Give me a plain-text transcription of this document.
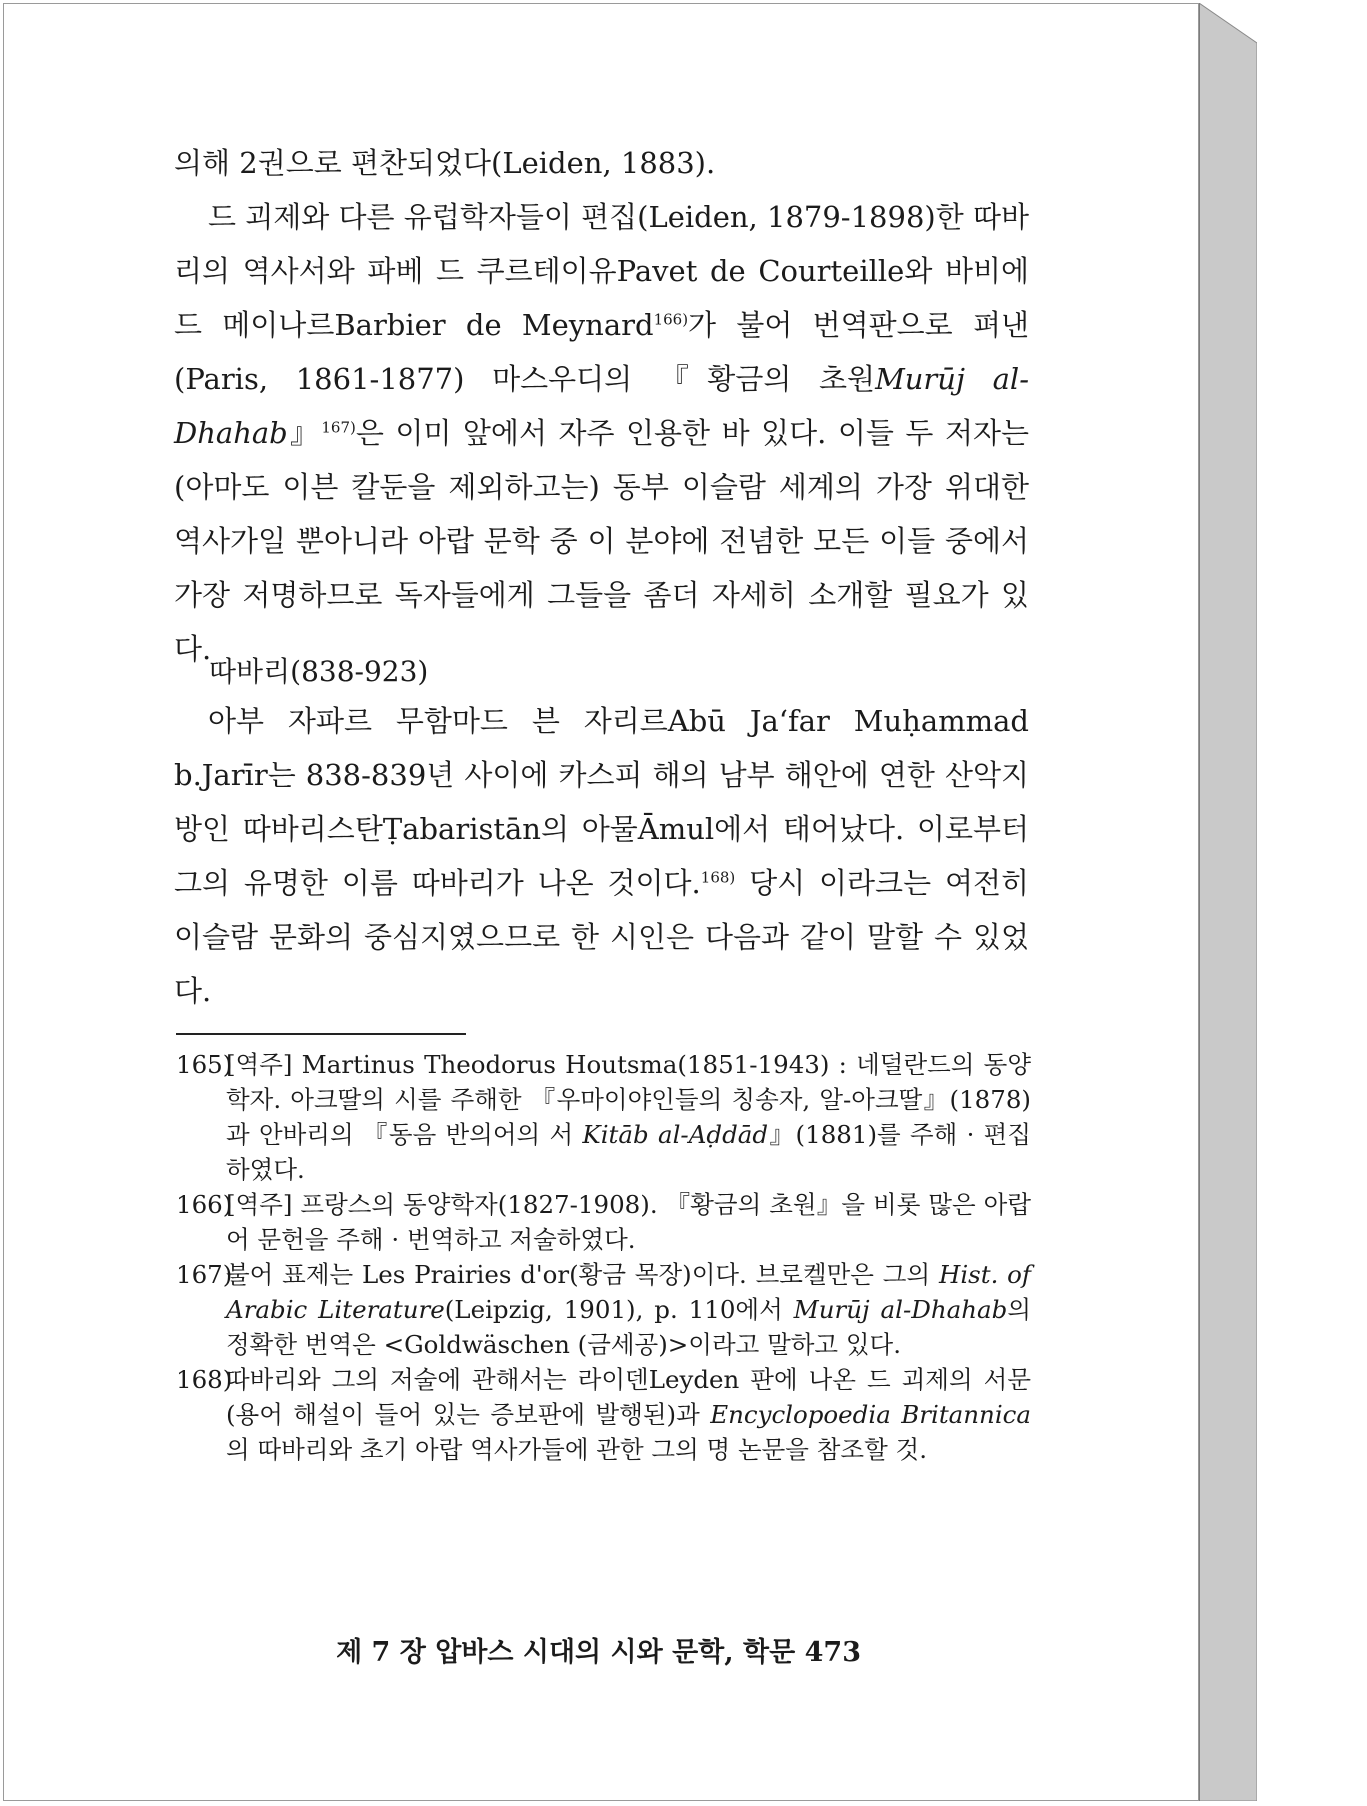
의해 2권으로 편찬되었다(Leiden, 1883).

드 괴제와 다른 유럽학자들이 편집(Leiden, 1879-1898)한 따바리의 역사서와 파베 드 쿠르테이유Pavet de Courteille와 바비에 드 메이나르Barbier de Meynard$^{166)}$가 불어 번역판으로 펴낸(Paris, 1861-1877) 마스우디의 『황금의 초원Murūj al-Dhahab』$^{167)}$은 이미 앞에서 자주 인용한 바 있다. 이들 두 저자는 (아마도 이븐 칼둔을 제외하고는) 동부 이슬람 세계의 가장 위대한 역사가일 뿐아니라 아랍 문학 중 이 분야에 전념한 모든 이들 중에서 가장 저명하므로 독자들에게 그들을 좀더 자세히 소개할 필요가 있다.

따바리(838-923)

아부 자파르 무함마드 븐 자리르Abū Jaʻfar Muḥammad b.Jarīr는 838-839년 사이에 카스피 해의 남부 해안에 연한 산악지방인 따바리스탄Ṭabaristān의 아물Āmul에서 태어났다. 이로부터 그의 유명한 이름 따바리가 나온 것이다.$^{168)}$ 당시 이라크는 여전히 이슬람 문화의 중심지였으므로 한 시인은 다음과 같이 말할 수 있었다.

165)
[역주] Martinus Theodorus Houtsma(1851-1943) : 네덜란드의 동양학자. 아크딸의 시를 주해한 『우마이야인들의 칭송자, 알-아크딸』(1878)과 안바리의 『동음 반의어의 서 Kitāb al-Aḍdād』(1881)를 주해 · 편집하였다.
166)
[역주] 프랑스의 동양학자(1827-1908). 『황금의 초원』을 비롯 많은 아랍어 문헌을 주해 · 번역하고 저술하였다.
167)
불어 표제는 Les Prairies d'or(황금 목장)이다. 브로켈만은 그의 Hist. of Arabic Literature(Leipzig, 1901), p. 110에서 Murūj al-Dhahab의 정확한 번역은 <Goldwäschen (금세공)>이라고 말하고 있다.
168)
따바리와 그의 저술에 관해서는 라이덴Leyden 판에 나온 드 괴제의 서문(용어 해설이 들어 있는 증보판에 발행된)과 Encyclopoedia Britannica의 따바리와 초기 아랍 역사가들에 관한 그의 명 논문을 참조할 것.

제 7 장 압바스 시대의 시와 문학, 학문 473
